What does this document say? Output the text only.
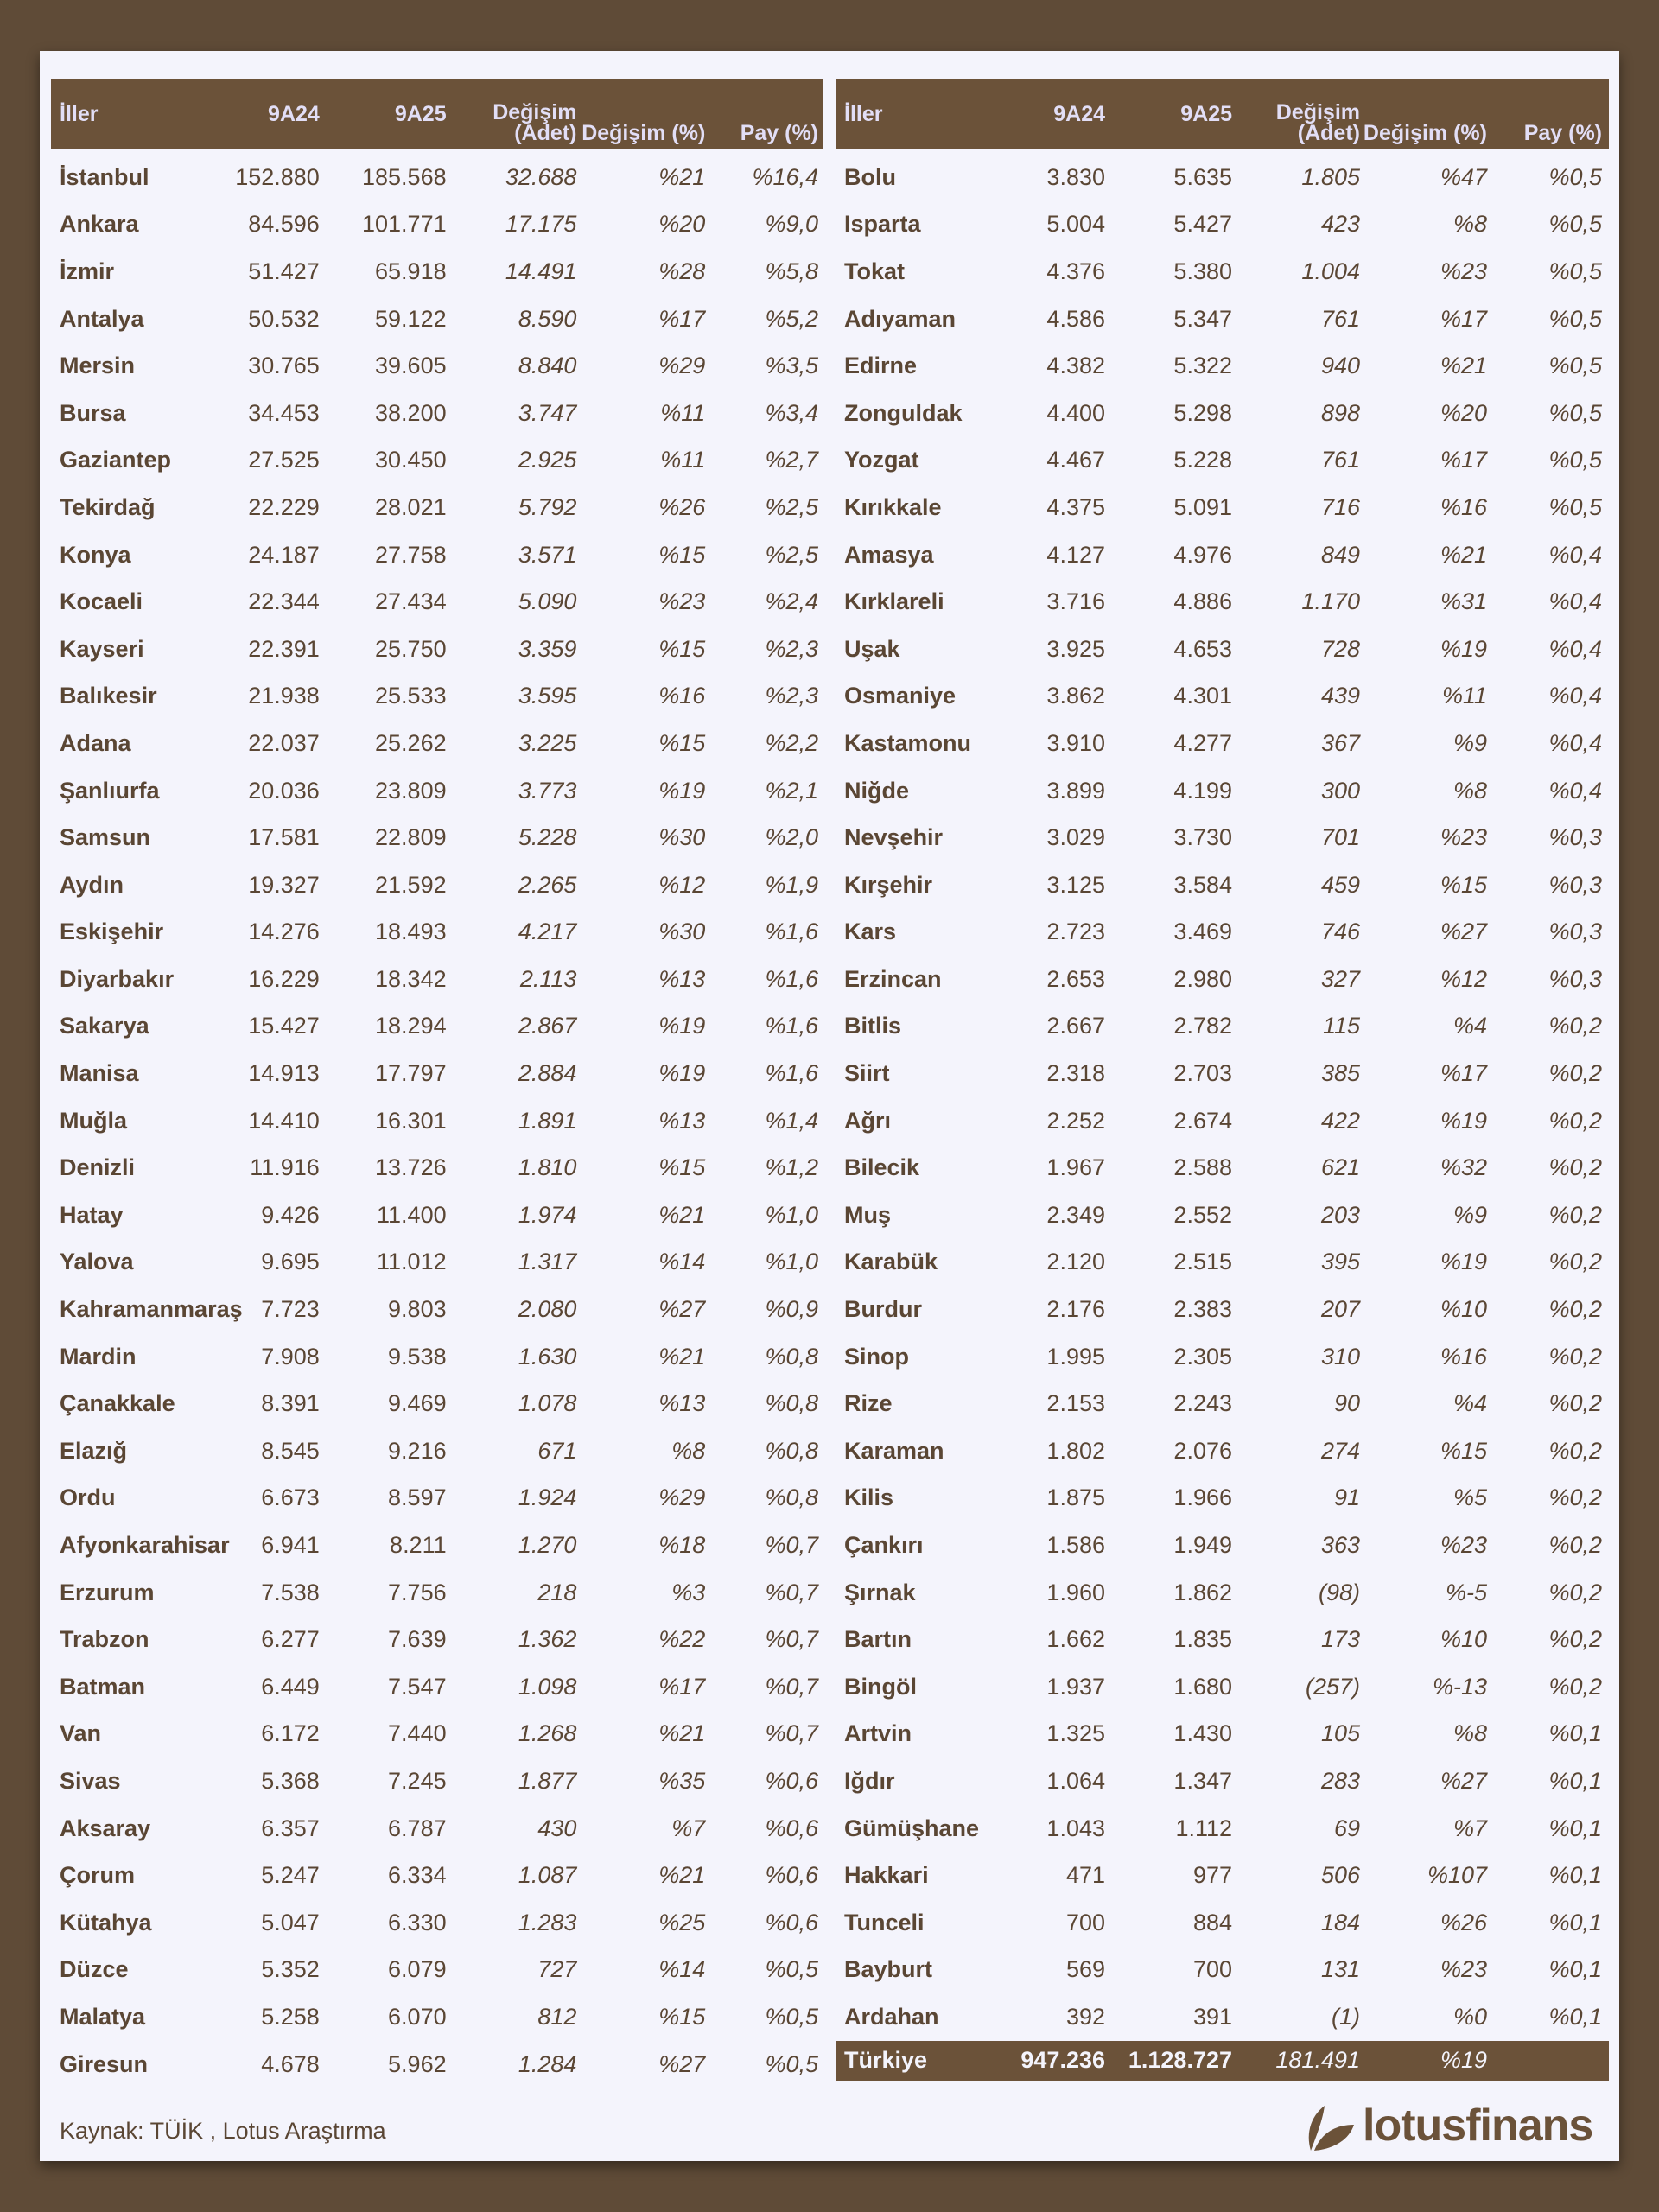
İller	9A24	9A25	Değişim (Adet)	Değişim (%)	Pay (%)
İstanbul	152.880	185.568	32.688	%21	%16,4
Ankara	84.596	101.771	17.175	%20	%9,0
İzmir	51.427	65.918	14.491	%28	%5,8
Antalya	50.532	59.122	8.590	%17	%5,2
Mersin	30.765	39.605	8.840	%29	%3,5
Bursa	34.453	38.200	3.747	%11	%3,4
Gaziantep	27.525	30.450	2.925	%11	%2,7
Tekirdağ	22.229	28.021	5.792	%26	%2,5
Konya	24.187	27.758	3.571	%15	%2,5
Kocaeli	22.344	27.434	5.090	%23	%2,4
Kayseri	22.391	25.750	3.359	%15	%2,3
Balıkesir	21.938	25.533	3.595	%16	%2,3
Adana	22.037	25.262	3.225	%15	%2,2
Şanlıurfa	20.036	23.809	3.773	%19	%2,1
Samsun	17.581	22.809	5.228	%30	%2,0
Aydın	19.327	21.592	2.265	%12	%1,9
Eskişehir	14.276	18.493	4.217	%30	%1,6
Diyarbakır	16.229	18.342	2.113	%13	%1,6
Sakarya	15.427	18.294	2.867	%19	%1,6
Manisa	14.913	17.797	2.884	%19	%1,6
Muğla	14.410	16.301	1.891	%13	%1,4
Denizli	11.916	13.726	1.810	%15	%1,2
Hatay	9.426	11.400	1.974	%21	%1,0
Yalova	9.695	11.012	1.317	%14	%1,0
Kahramanmaraş	7.723	9.803	2.080	%27	%0,9
Mardin	7.908	9.538	1.630	%21	%0,8
Çanakkale	8.391	9.469	1.078	%13	%0,8
Elazığ	8.545	9.216	671	%8	%0,8
Ordu	6.673	8.597	1.924	%29	%0,8
Afyonkarahisar	6.941	8.211	1.270	%18	%0,7
Erzurum	7.538	7.756	218	%3	%0,7
Trabzon	6.277	7.639	1.362	%22	%0,7
Batman	6.449	7.547	1.098	%17	%0,7
Van	6.172	7.440	1.268	%21	%0,7
Sivas	5.368	7.245	1.877	%35	%0,6
Aksaray	6.357	6.787	430	%7	%0,6
Çorum	5.247	6.334	1.087	%21	%0,6
Kütahya	5.047	6.330	1.283	%25	%0,6
Düzce	5.352	6.079	727	%14	%0,5
Malatya	5.258	6.070	812	%15	%0,5
Giresun	4.678	5.962	1.284	%27	%0,5
İller	9A24	9A25	Değişim (Adet)	Değişim (%)	Pay (%)
Bolu	3.830	5.635	1.805	%47	%0,5
Isparta	5.004	5.427	423	%8	%0,5
Tokat	4.376	5.380	1.004	%23	%0,5
Adıyaman	4.586	5.347	761	%17	%0,5
Edirne	4.382	5.322	940	%21	%0,5
Zonguldak	4.400	5.298	898	%20	%0,5
Yozgat	4.467	5.228	761	%17	%0,5
Kırıkkale	4.375	5.091	716	%16	%0,5
Amasya	4.127	4.976	849	%21	%0,4
Kırklareli	3.716	4.886	1.170	%31	%0,4
Uşak	3.925	4.653	728	%19	%0,4
Osmaniye	3.862	4.301	439	%11	%0,4
Kastamonu	3.910	4.277	367	%9	%0,4
Niğde	3.899	4.199	300	%8	%0,4
Nevşehir	3.029	3.730	701	%23	%0,3
Kırşehir	3.125	3.584	459	%15	%0,3
Kars	2.723	3.469	746	%27	%0,3
Erzincan	2.653	2.980	327	%12	%0,3
Bitlis	2.667	2.782	115	%4	%0,2
Siirt	2.318	2.703	385	%17	%0,2
Ağrı	2.252	2.674	422	%19	%0,2
Bilecik	1.967	2.588	621	%32	%0,2
Muş	2.349	2.552	203	%9	%0,2
Karabük	2.120	2.515	395	%19	%0,2
Burdur	2.176	2.383	207	%10	%0,2
Sinop	1.995	2.305	310	%16	%0,2
Rize	2.153	2.243	90	%4	%0,2
Karaman	1.802	2.076	274	%15	%0,2
Kilis	1.875	1.966	91	%5	%0,2
Çankırı	1.586	1.949	363	%23	%0,2
Şırnak	1.960	1.862	(98)	%-5	%0,2
Bartın	1.662	1.835	173	%10	%0,2
Bingöl	1.937	1.680	(257)	%-13	%0,2
Artvin	1.325	1.430	105	%8	%0,1
Iğdır	1.064	1.347	283	%27	%0,1
Gümüşhane	1.043	1.112	69	%7	%0,1
Hakkari	471	977	506	%107	%0,1
Tunceli	700	884	184	%26	%0,1
Bayburt	569	700	131	%23	%0,1
Ardahan	392	391	(1)	%0	%0,1
Türkiye	947.236	1.128.727	181.491	%19	
Kaynak: TÜİK , Lotus Araştırma	lotusfinans
